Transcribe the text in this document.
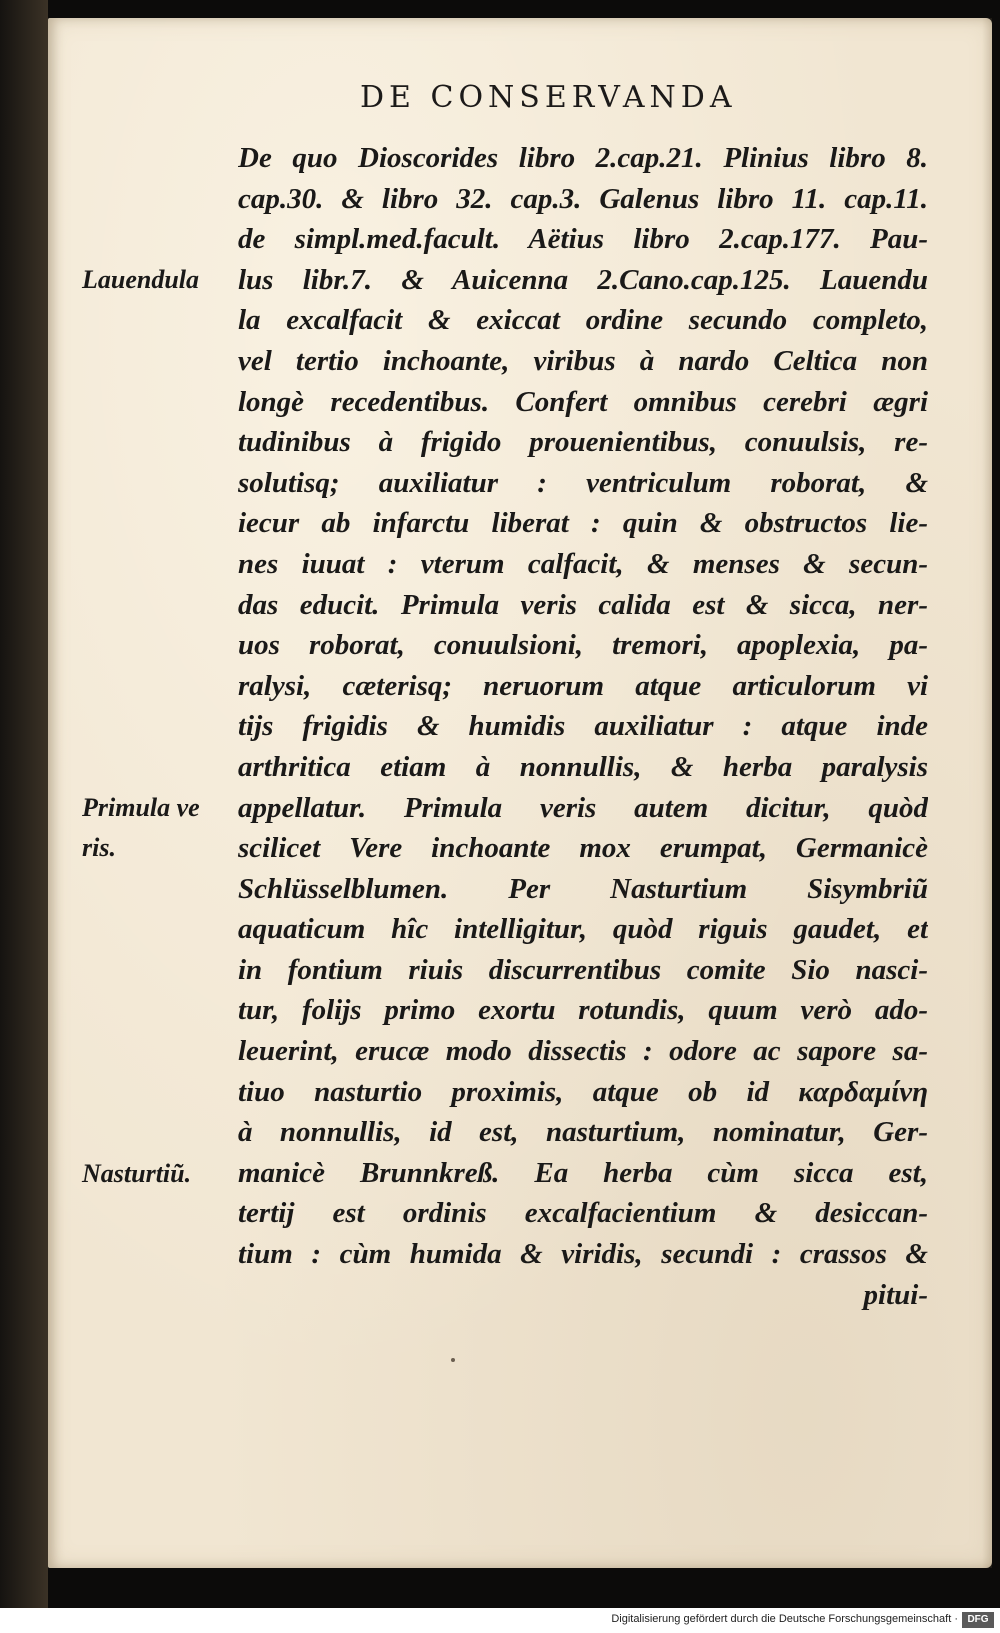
DE CONSERVANDA
De quo Dioscorides libro 2.cap.21. Plinius libro 8.
cap.30. & libro 32. cap.3. Galenus libro 11. cap.11.
de simpl.med.facult. Aëtius libro 2.cap.177. Pau-
lus libr.7. & Auicenna 2.Cano.cap.125. Lauendu
la excalfacit & exiccat ordine secundo completo,
vel tertio inchoante, viribus à nardo Celtica non
longè recedentibus. Confert omnibus cerebri ægri
tudinibus à frigido prouenientibus, conuulsis, re-
solutisq; auxiliatur : ventriculum roborat, &
iecur ab infarctu liberat : quin & obstructos lie-
nes iuuat : vterum calfacit, & menses & secun-
das educit. Primula veris calida est & sicca, ner-
uos roborat, conuulsioni, tremori, apoplexia, pa-
ralysi, cæterisq; neruorum atque articulorum vi
tijs frigidis & humidis auxiliatur : atque inde
arthritica etiam à nonnullis, & herba paralysis
appellatur. Primula veris autem dicitur, quòd
scilicet Vere inchoante mox erumpat, Germanicè
Schlüsselblumen. Per Nasturtium Sisymbriũ
aquaticum hîc intelligitur, quòd riguis gaudet, et
in fontium riuis discurrentibus comite Sio nasci-
tur, folijs primo exortu rotundis, quum verò ado-
leuerint, erucæ modo dissectis : odore ac sapore sa-
tiuo nasturtio proximis, atque ob id καρδαμίνη
à nonnullis, id est, nasturtium, nominatur, Ger-
manicè Brunnkreß. Ea herba cùm sicca est,
tertij est ordinis excalfacientium & desiccan-
tium : cùm humida & viridis, secundi : crassos &
pitui-
Lauendula
Primula ve
ris.
Nasturtiũ.
Digitalisierung gefördert durch die Deutsche Forschungsgemeinschaft · DFG
